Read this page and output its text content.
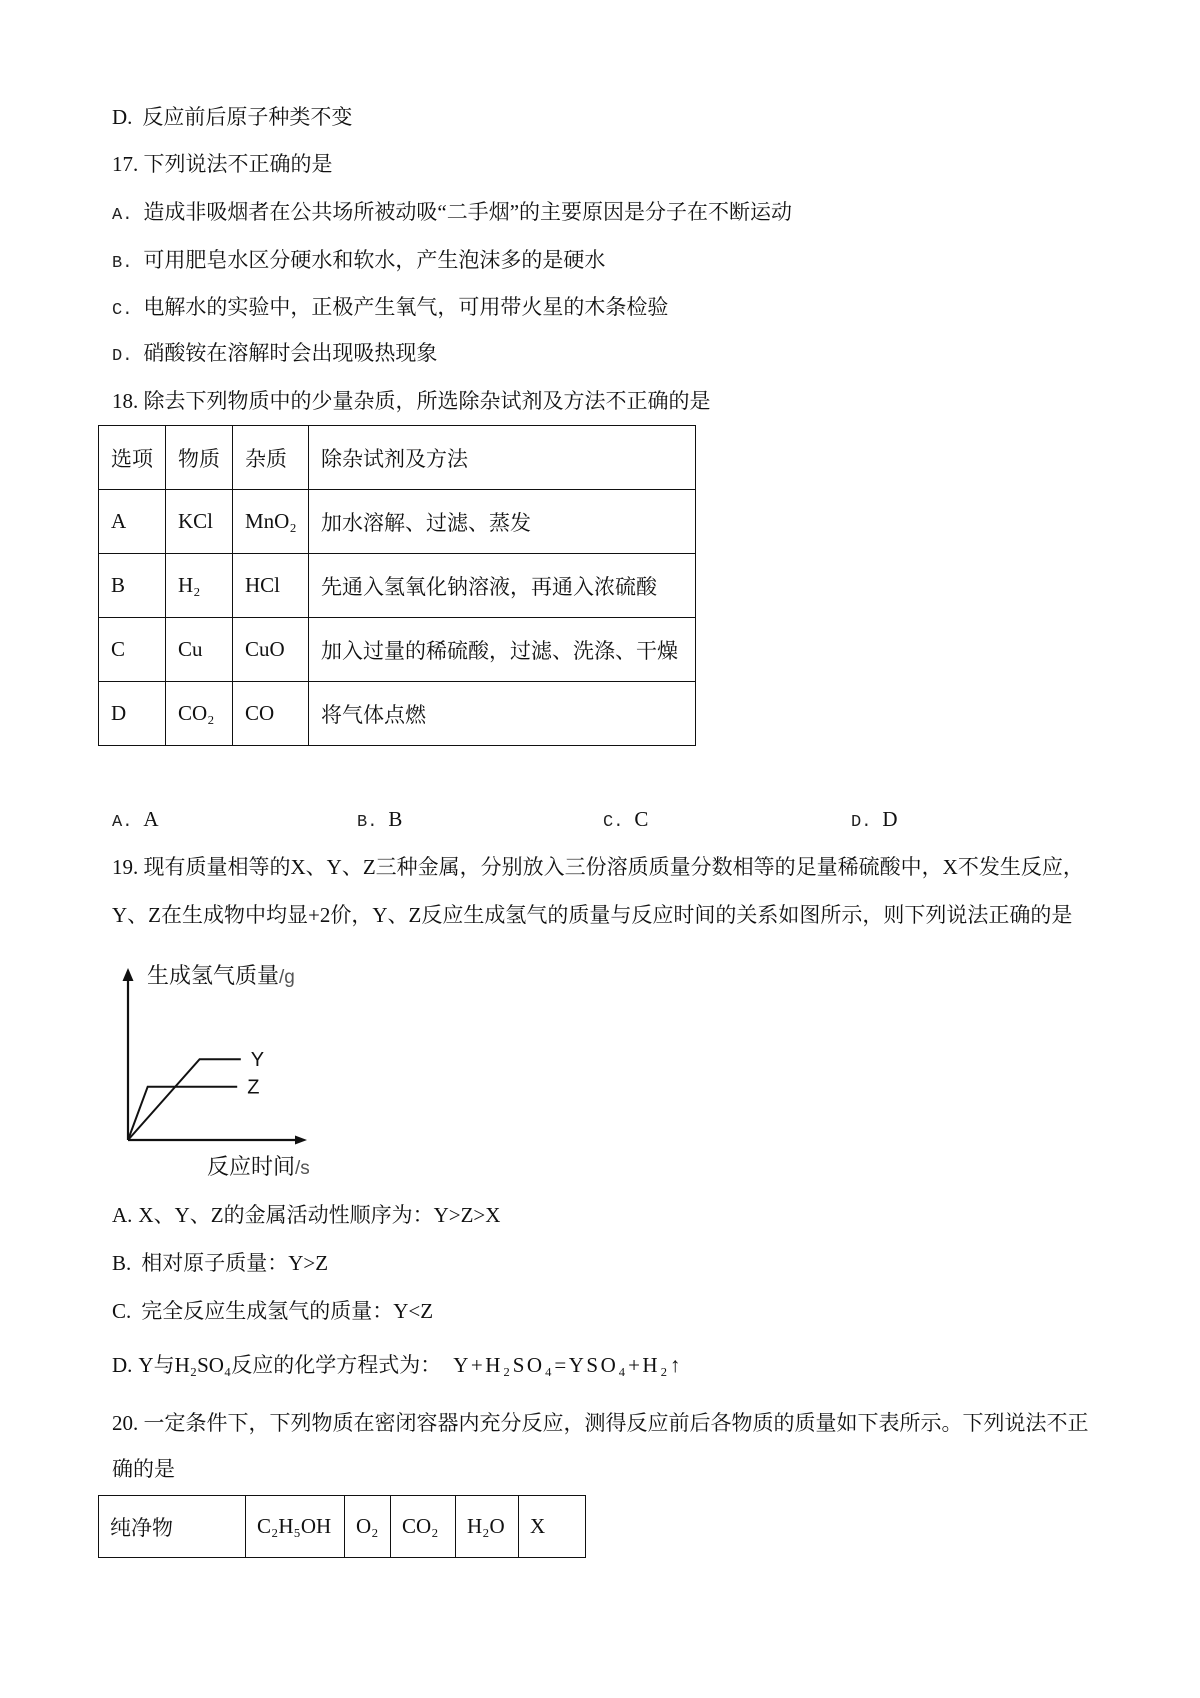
D. 反应前后原子种类不变
17. 下列说法不正确的是
A. 造成非吸烟者在公共场所被动吸“二手烟”的主要原因是分子在不断运动
B. 可用肥皂水区分硬水和软水，产生泡沫多的是硬水
C. 电解水的实验中，正极产生氧气，可用带火星的木条检验
D. 硝酸铵在溶解时会出现吸热现象
18. 除去下列物质中的少量杂质，所选除杂试剂及方法不正确的是
选项	物质	杂质	除杂试剂及方法
A	KCl	MnO₂	加水溶解、过滤、蒸发
B	H₂	HCl	先通入氢氧化钠溶液，再通入浓硫酸
C	Cu	CuO	加入过量的稀硫酸，过滤、洗涤、干燥
D	CO₂	CO	将气体点燃
A. A	B. B	C. C	D. D
19. 现有质量相等的X、Y、Z三种金属，分别放入三份溶质质量分数相等的足量稀硫酸中，X不发生反应，
Y、Z在生成物中均显+2价，Y、Z反应生成氢气的质量与反应时间的关系如图所示，则下列说法正确的是
Y
Z
生成氢气质量/g
反应时间/s
A. X、Y、Z的金属活动性顺序为：Y>Z>X
B. 相对原子质量：Y>Z
C. 完全反应生成氢气的质量：Y<Z
D. Y与H₂SO₄反应的化学方程式为： Y+H₂SO₄=YSO₄+H₂↑
20. 一定条件下，下列物质在密闭容器内充分反应，测得反应前后各物质的质量如下表所示。下列说法不正
确的是
纯净物	C₂H₅OH	O₂	CO₂	H₂O	X
